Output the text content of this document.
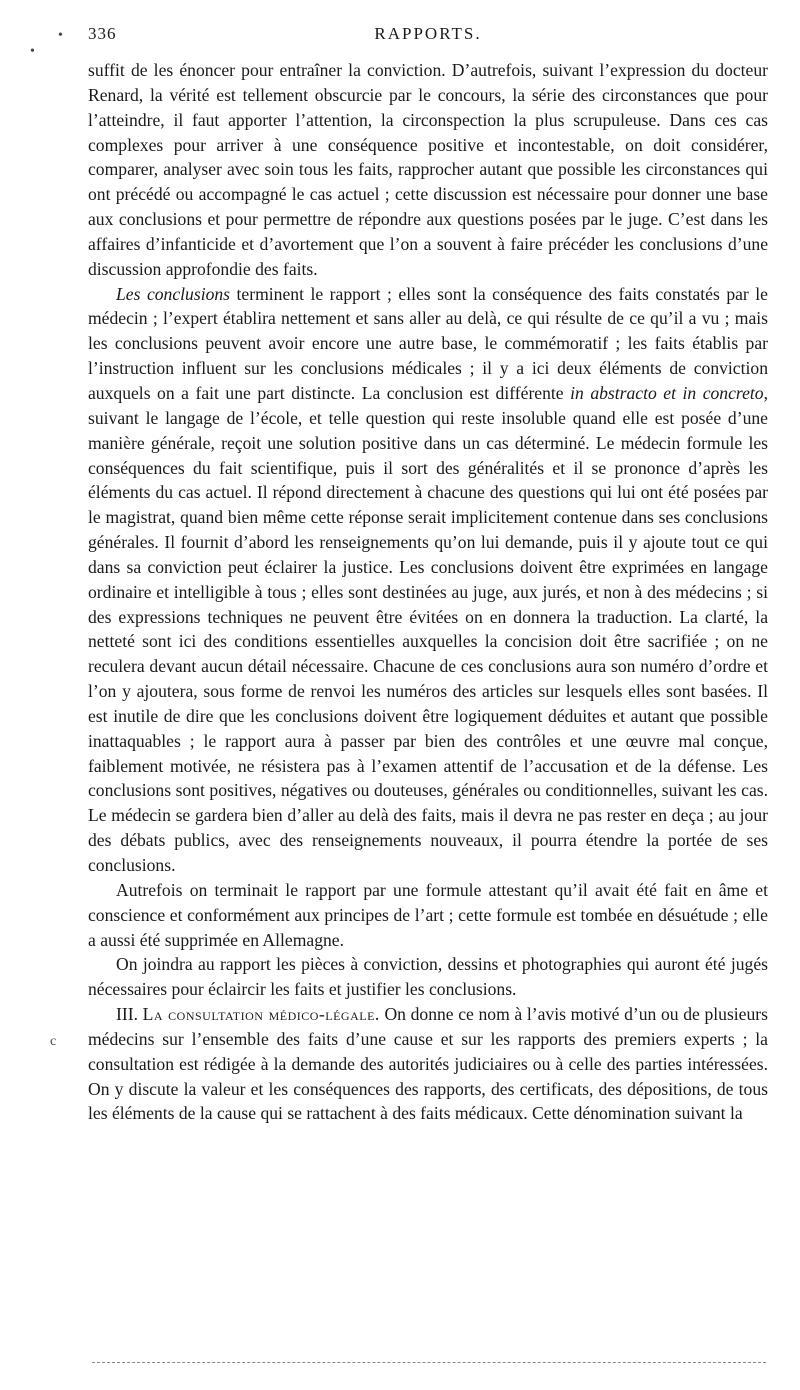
•
•
c
336	RAPPORTS.

suffit de les énoncer pour entraîner la conviction. D’autrefois, suivant l’expression du docteur Renard, la vérité est tellement obscurcie par le concours, la série des circonstances que pour l’atteindre, il faut apporter l’attention, la circonspection la plus scrupuleuse. Dans ces cas complexes pour arriver à une conséquence positive et incontestable, on doit considérer, comparer, analyser avec soin tous les faits, rapprocher autant que possible les circonstances qui ont précédé ou accompagné le cas actuel ; cette discussion est nécessaire pour donner une base aux conclusions et pour permettre de répondre aux questions posées par le juge. C’est dans les affaires d’infanticide et d’avortement que l’on a souvent à faire précéder les conclusions d’une discussion approfondie des faits.

Les conclusions terminent le rapport ; elles sont la conséquence des faits constatés par le médecin ; l’expert établira nettement et sans aller au delà, ce qui résulte de ce qu’il a vu ; mais les conclusions peuvent avoir encore une autre base, le commémoratif ; les faits établis par l’instruction influent sur les conclusions médicales ; il y a ici deux éléments de conviction auxquels on a fait une part distincte. La conclusion est différente in abstracto et in concreto, suivant le langage de l’école, et telle question qui reste insoluble quand elle est posée d’une manière générale, reçoit une solution positive dans un cas déterminé. Le médecin formule les conséquences du fait scientifique, puis il sort des généralités et il se prononce d’après les éléments du cas actuel. Il répond directement à chacune des questions qui lui ont été posées par le magistrat, quand bien même cette réponse serait implicitement contenue dans ses conclusions générales. Il fournit d’abord les renseignements qu’on lui demande, puis il y ajoute tout ce qui dans sa conviction peut éclairer la justice. Les conclusions doivent être exprimées en langage ordinaire et intelligible à tous ; elles sont destinées au juge, aux jurés, et non à des médecins ; si des expressions techniques ne peuvent être évitées on en donnera la traduction. La clarté, la netteté sont ici des conditions essentielles auxquelles la concision doit être sacrifiée ; on ne reculera devant aucun détail nécessaire. Chacune de ces conclusions aura son numéro d’ordre et l’on y ajoutera, sous forme de renvoi les numéros des articles sur lesquels elles sont basées. Il est inutile de dire que les conclusions doivent être logiquement déduites et autant que possible inattaquables ; le rapport aura à passer par bien des contrôles et une œuvre mal conçue, faiblement motivée, ne résistera pas à l’examen attentif de l’accusation et de la défense. Les conclusions sont positives, négatives ou douteuses, générales ou conditionnelles, suivant les cas. Le médecin se gardera bien d’aller au delà des faits, mais il devra ne pas rester en deça ; au jour des débats publics, avec des renseignements nouveaux, il pourra étendre la portée de ses conclusions.

Autrefois on terminait le rapport par une formule attestant qu’il avait été fait en âme et conscience et conformément aux principes de l’art ; cette formule est tombée en désuétude ; elle a aussi été supprimée en Allemagne.

On joindra au rapport les pièces à conviction, dessins et photographies qui auront été jugés nécessaires pour éclaircir les faits et justifier les conclusions.

III. La consultation médico-légale. On donne ce nom à l’avis motivé d’un ou de plusieurs médecins sur l’ensemble des faits d’une cause et sur les rapports des premiers experts ; la consultation est rédigée à la demande des autorités judiciaires ou à celle des parties intéressées. On y discute la valeur et les conséquences des rapports, des certificats, des dépositions, de tous les éléments de la cause qui se rattachent à des faits médicaux. Cette dénomination suivant la
